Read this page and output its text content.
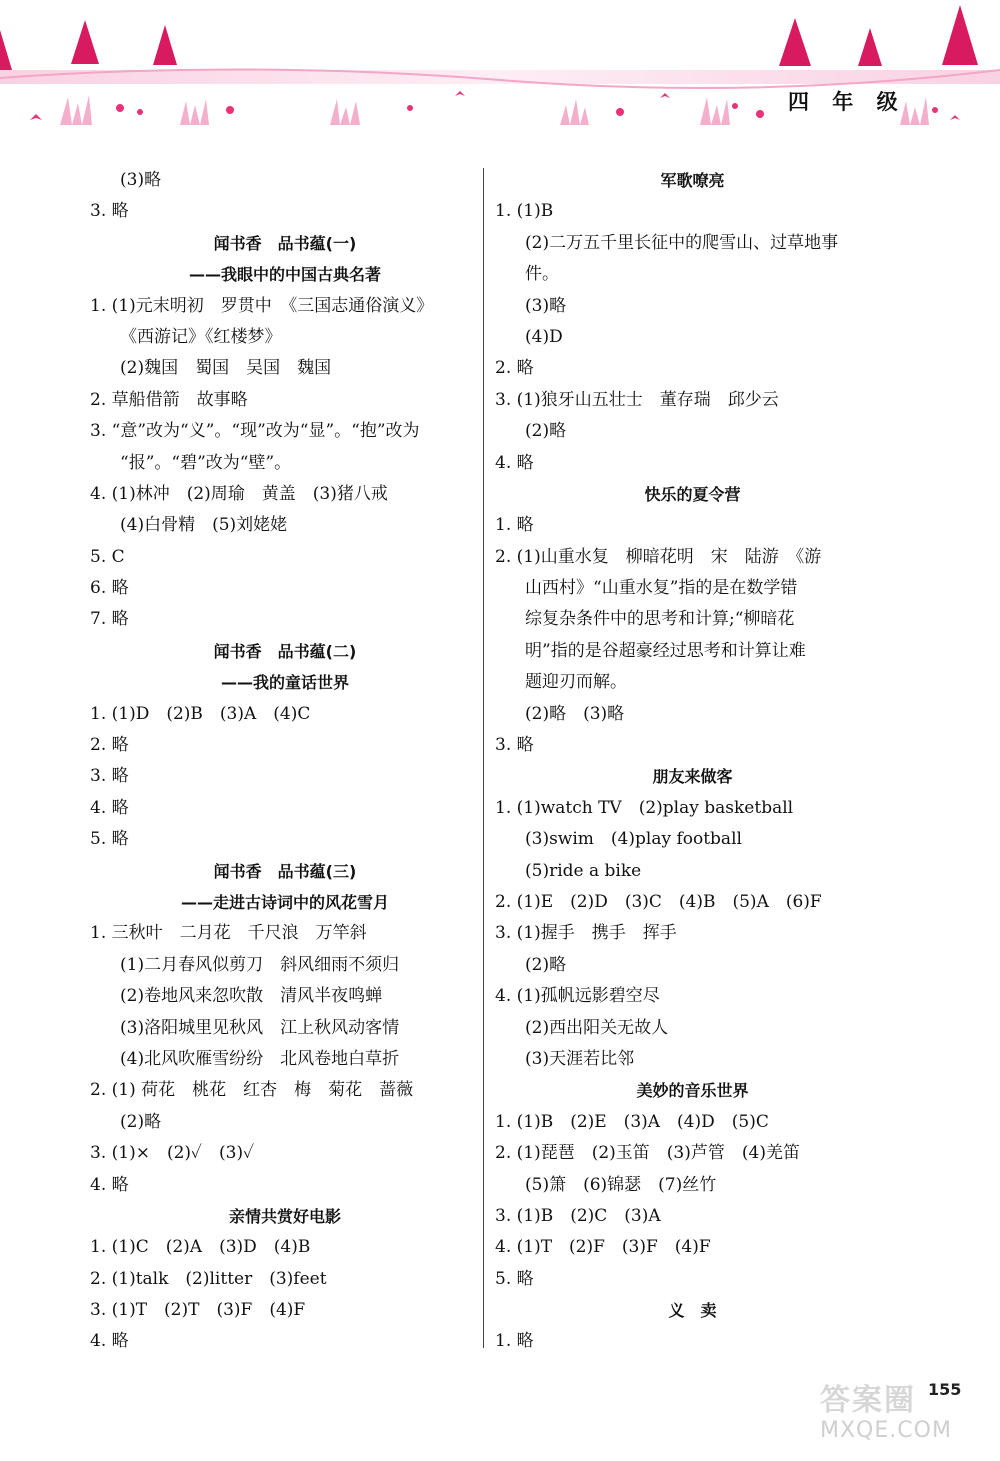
四 年 级
(3)略
3. 略
闻书香　品书蕴(一)
——我眼中的中国古典名著
1. (1)元末明初　罗贯中　《三国志通俗演义》
《西游记》《红楼梦》
(2)魏国　蜀国　吴国　魏国
2. 草船借箭　故事略
3. “意”改为“义”。“现”改为“显”。“抱”改为
“报”。“碧”改为“壁”。
4. (1)林冲　(2)周瑜　黄盖　(3)猪八戒
(4)白骨精　(5)刘姥姥
5. C
6. 略
7. 略
闻书香　品书蕴(二)
——我的童话世界
1. (1)D　(2)B　(3)A　(4)C
2. 略
3. 略
4. 略
5. 略
闻书香　品书蕴(三)
——走进古诗词中的风花雪月
1. 三秋叶　二月花　千尺浪　万竿斜
(1)二月春风似剪刀　斜风细雨不须归
(2)卷地风来忽吹散　清风半夜鸣蝉
(3)洛阳城里见秋风　江上秋风动客情
(4)北风吹雁雪纷纷　北风卷地白草折
2. (1) 荷花　桃花　红杏　梅　菊花　蔷薇
(2)略
3. (1)×　(2)✓　(3)✓
4. 略
亲情共赏好电影
1. (1)C　(2)A　(3)D　(4)B
2. (1)talk　(2)litter　(3)feet
3. (1)T　(2)T　(3)F　(4)F
4. 略
军歌嘹亮
1. (1)B
(2)二万五千里长征中的爬雪山、过草地事
件。
(3)略
(4)D
2. 略
3. (1)狼牙山五壮士　董存瑞　邱少云
(2)略
4. 略
快乐的夏令营
1. 略
2. (1)山重水复　柳暗花明　宋　陆游　《游
山西村》“山重水复”指的是在数学错
综复杂条件中的思考和计算;“柳暗花
明”指的是谷超豪经过思考和计算让难
题迎刃而解。
(2)略　(3)略
3. 略
朋友来做客
1. (1)watch TV　(2)play basketball
(3)swim　(4)play football
(5)ride a bike
2. (1)E　(2)D　(3)C　(4)B　(5)A　(6)F
3. (1)握手　携手　挥手
(2)略
4. (1)孤帆远影碧空尽
(2)西出阳关无故人
(3)天涯若比邻
美妙的音乐世界
1. (1)B　(2)E　(3)A　(4)D　(5)C
2. (1)琵琶　(2)玉笛　(3)芦管　(4)羌笛
(5)箫　(6)锦瑟　(7)丝竹
3. (1)B　(2)C　(3)A
4. (1)T　(2)F　(3)F　(4)F
5. 略
义　卖
1. 略
答案圈
MXQE.COM
155
